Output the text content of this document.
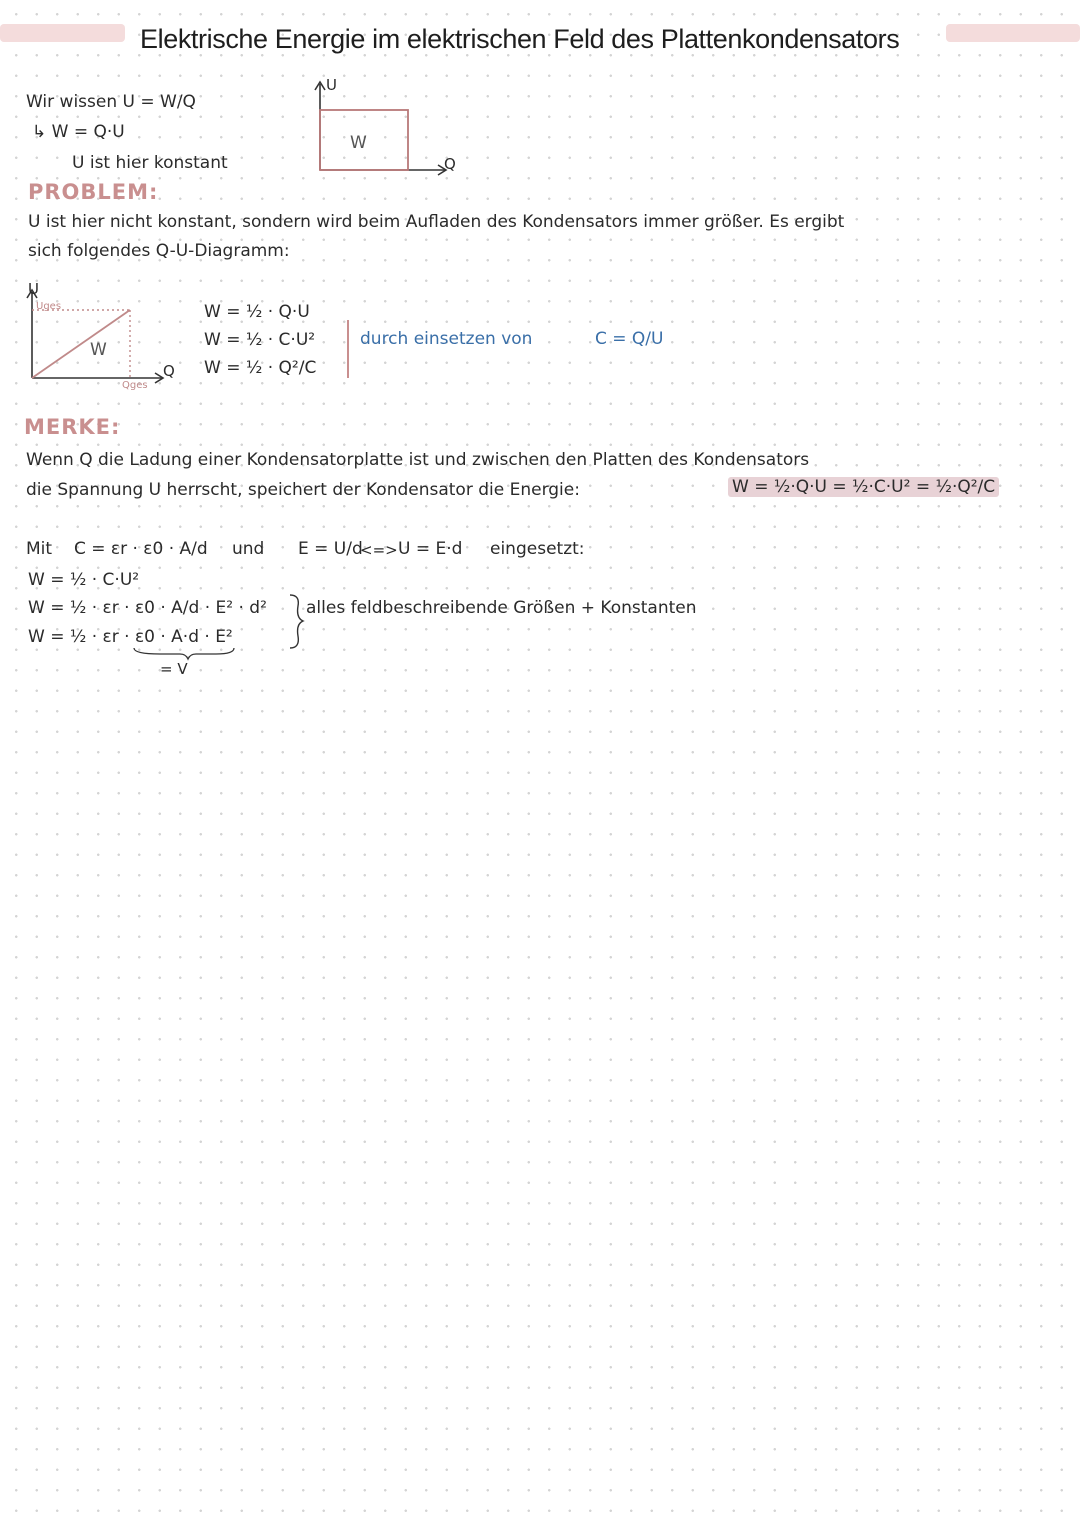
Elektrische Energie im elektrischen Feld des Plattenkondensators
Wir wissen U = W/Q
↳ W = Q·U
U ist hier konstant
U
Q
W
PROBLEM:
U ist hier nicht konstant, sondern wird beim Aufladen des Kondensators immer größer. Es ergibt
sich folgendes Q-U-Diagramm:
U
Uges
Q
Qges
W
W = ½ · Q·U
W = ½ · C·U²
W = ½ · Q²/C
durch einsetzen von	C = Q/U
MERKE:
Wenn Q die Ladung einer Kondensatorplatte ist und zwischen den Platten des Kondensators
die Spannung U herrscht, speichert der Kondensator die Energie:	W = ½·Q·U = ½·C·U² = ½·Q²/C
Mit C = εr · ε0 · A/d und E = U/d
<=> U = E·d eingesetzt:
W = ½ · C·U²
W = ½ · εr · ε0 · A/d · E² · d²
W = ½ · εr · ε0 · A·d · E²
= V
alles feldbeschreibende Größen + Konstanten
